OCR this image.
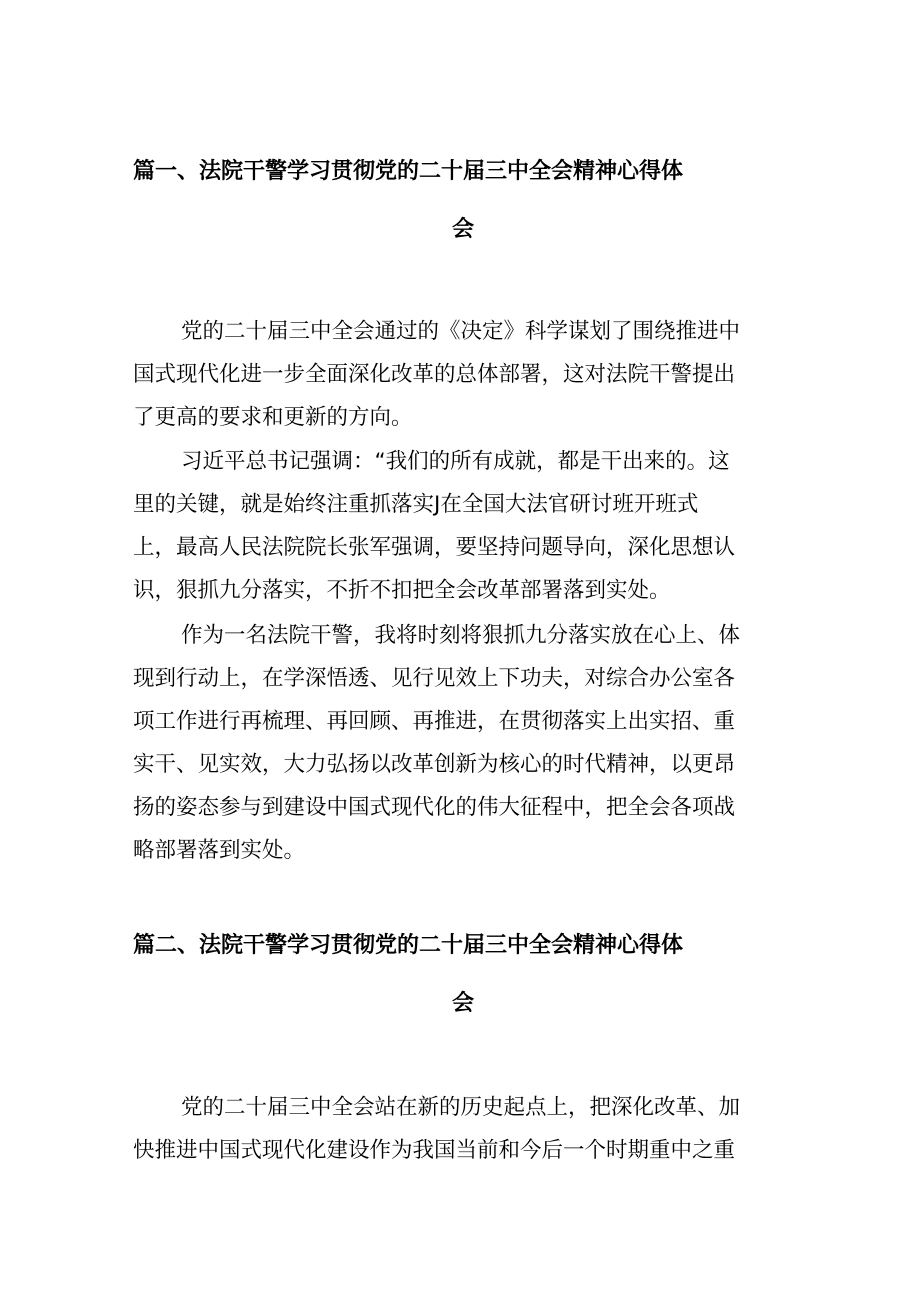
篇一、法院干警学习贯彻党的二十届三中全会精神心得体
会

党的二十届三中全会通过的《决定》科学谋划了围绕推进中
国式现代化进一步全面深化改革的总体部署，这对法院干警提出
了更高的要求和更新的方向。

习近平总书记强调：“我们的所有成就，都是干出来的。这
里的关键，就是始终注重抓落实J在全国大法官研讨班开班式
上，最高人民法院院长张军强调，要坚持问题导向，深化思想认
识，狠抓九分落实，不折不扣把全会改革部署落到实处。

作为一名法院干警，我将时刻将狠抓九分落实放在心上、体
现到行动上，在学深悟透、见行见效上下功夫，对综合办公室各
项工作进行再梳理、再回顾、再推进，在贯彻落实上出实招、重
实干、见实效，大力弘扬以改革创新为核心的时代精神，以更昂
扬的姿态参与到建设中国式现代化的伟大征程中，把全会各项战
略部署落到实处。

篇二、法院干警学习贯彻党的二十届三中全会精神心得体
会

党的二十届三中全会站在新的历史起点上，把深化改革、加
快推进中国式现代化建设作为我国当前和今后一个时期重中之重
